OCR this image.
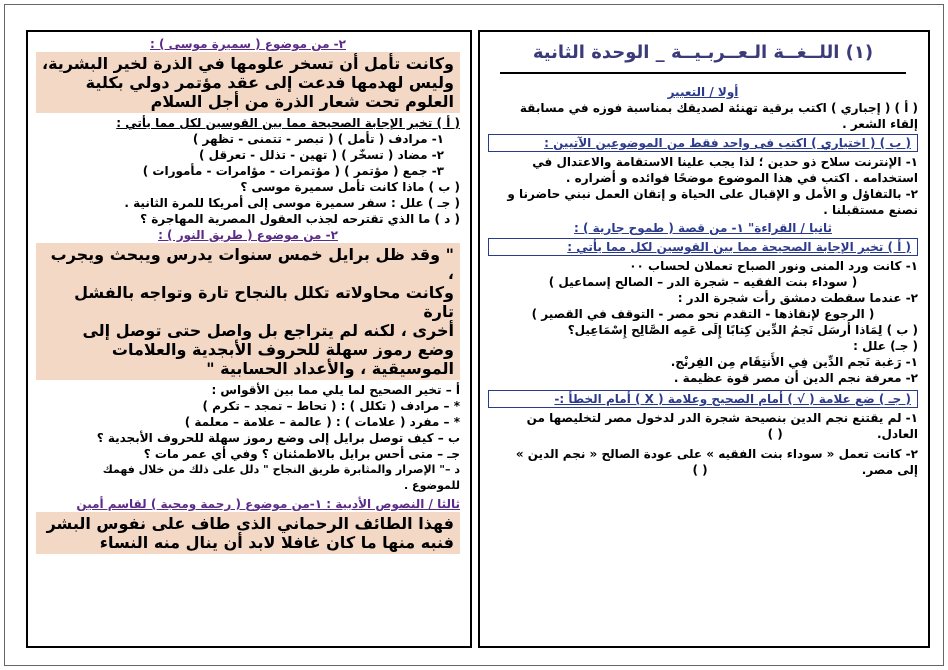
(١) اللــغــة الـعــربـيــة _ الوحدة الثانية
أولا / التعبير
( أ ) ( إجباري ) اكتب برقية تهنئة لصديقك بمناسبة فوزه في مسابقة
إلقاء الشعر .
( ب ) ( اختياري ) اكتب فى واحد فقط من الموضوعين الآتيين :
١- الإنترنت سلاح ذو حدين ؛ لذا يجب علينا الاستقامة والاعتدال في
استخدامه . اكتب في هذا الموضوع موضحًا فوائده و أضراره .
٢- بالتفاؤل و الأمل و الإقبال على الحياة و إتقان العمل نبني حاضرنا و
نصنع مستقبلنا .
ثانيا / القراءة" ١- من قصة ( طموح جارية ) :
( أ ) تخير الإجابة الصحيحة مما بين القوسين لكل مما يأتي :
١- كانت ورد المنى ونور الصباح تعملان لحساب ٠٠
( سوداء بنت الفقيه – شجرة الدر – الصالح إسماعيل )
٢- عندما سقطت دمشق رأت شجرة الدر :
( الرجوع لإنقاذها - التقدم نحو مصر - التوقف في القصير )
( ب ) لِمَاذا أَرسَل نَجمُ الدِّين كِتابًا إِلَى عَمِه الصَّالِح إِسْمَاعِيل؟
( جـ) علل :
١- رَغبة نَجم الدِّين فِي الأَنتِقَام مِن الفِرنْج.
٢- معرفة نجم الدين أن مصر قوة عظيمة .
( جـ ) ضع علامة ( √ ) أمام الصحيح وعلامة ( X ) أمام الخطأ :-
١- لم يقتنع نجم الدين بنصيحة شجرة الدر لدخول مصر لتخليصها من
العادل. ( )
٢- كانت تعمل « سوداء بنت الفقيه » على عودة الصالح « نجم الدين »
إلى مصر. ( )
٢- من موضوع ( سميرة موسى ) :
وكانت تأمل أن تسخر علومها في الذرة لخير البشرية،
وليس لهدمها فدعت إلى عقد مؤتمر دولي بكلية
العلوم تحت شعار الذرة من أجل السلام
( أ ) تخير الإجابة الصحيحة مما بين القوسين لكل مما يأتي :
١- مرادف ( تأمل ) ( تبصر - تتمنى - تظهر )
٢- مضاد ( تسخّر ) ( تهين - تذلل - تعرقل )
٣- جمع ( مؤتمر ) ( مؤتمرات - مؤامرات - مأمورات )
( ب ) ماذا كانت تأمل سميرة موسى ؟
( جـ ) علل : سفر سميرة موسى إلى أمريكا للمرة الثانية .
( د ) ما الذي تقترحه لجذب العقول المصرية المهاجرة ؟
٢- من موضوع ( طريق النور ) :
" وقد ظل برايل خمس سنوات يدرس ويبحث ويجرب ،
وكانت محاولاته تكلل بالنجاح تارة وتواجه بالفشل تارة
أخرى ، لكنه لم يتراجع بل واصل حتى توصل إلى
وضع رموز سهلة للحروف الأبجدية والعلامات
الموسيقية ، والأعداد الحسابية "
أ – تخير الصحيح لما يلي مما بين الأقواس :
* – مرادف ( تكلل ) : ( تحاط – تمجد – تكرم )
* – مفرد ( علامات ) : ( عالمة – علامة – معلمة )
ب – كيف توصل برايل إلى وضع رموز سهلة للحروف الأبجدية ؟
جـ – متى أحس برايل بالاطمئنان ؟ وفي أي عمر مات ؟
د –" الإصرار والمثابرة طريق النجاح " دلل على ذلك من خلال فهمك
للموضوع .
ثالثا / النصوص الأدبية : ١-من موضوع ( رحمة ومحبة ) لقاسم أمين
فهذا الطائف الرحماني الذى طاف على نفوس البشر
فنبه منها ما كان غافلا لابد أن ينال منه النساء
